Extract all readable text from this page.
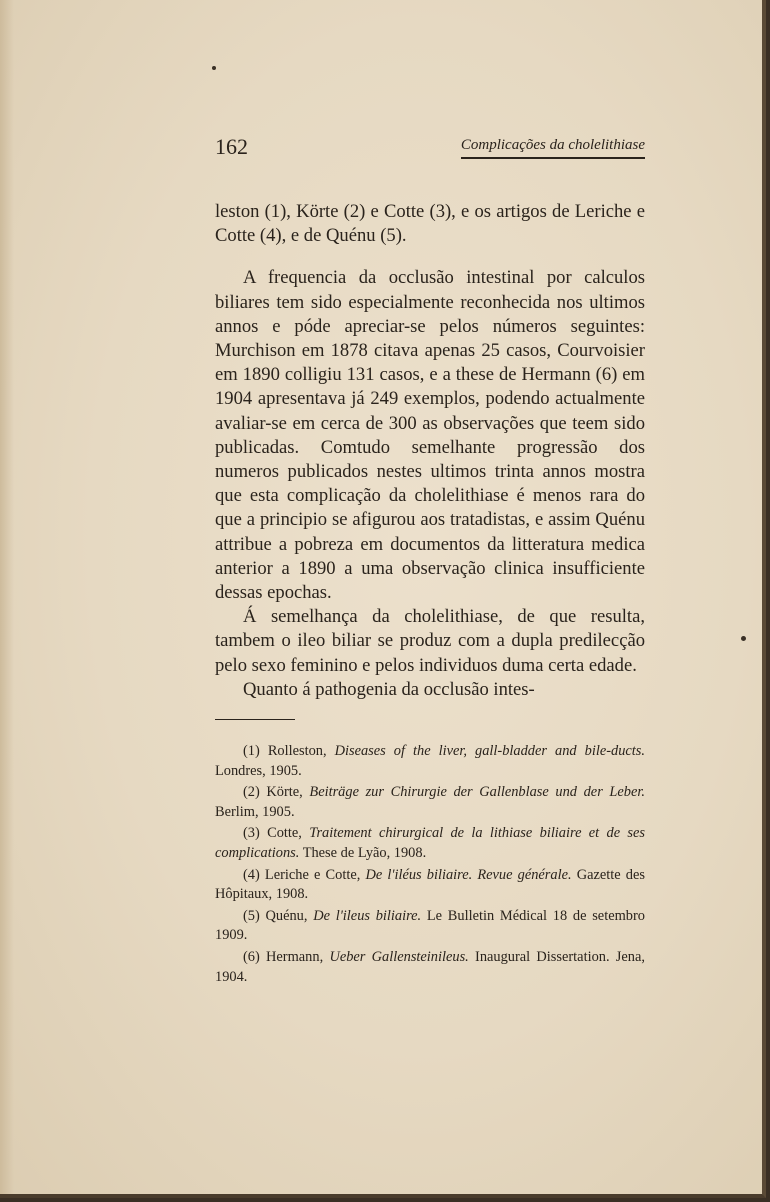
162	Complicações da cholelithiase

leston (1), Körte (2) e Cotte (3), e os artigos de Leriche e Cotte (4), e de Quénu (5).

A frequencia da occlusão intestinal por calculos biliares tem sido especialmente reconhecida nos ultimos annos e póde apreciar-se pelos números seguintes: Murchison em 1878 citava apenas 25 casos, Courvoisier em 1890 colligiu 131 casos, e a these de Hermann (6) em 1904 apresentava já 249 exemplos, podendo actualmente avaliar-se em cerca de 300 as observações que teem sido publicadas. Comtudo semelhante progressão dos numeros publicados nestes ultimos trinta annos mostra que esta complicação da cholelithiase é menos rara do que a principio se afigurou aos tratadistas, e assim Quénu attribue a pobreza em documentos da litteratura medica anterior a 1890 a uma observação clinica insufficiente dessas epochas.

Á semelhança da cholelithiase, de que resulta, tambem o ileo biliar se produz com a dupla predilecção pelo sexo feminino e pelos individuos duma certa edade.

Quanto á pathogenia da occlusão intes-

(1) Rolleston, Diseases of the liver, gall-bladder and bile-ducts. Londres, 1905.

(2) Körte, Beiträge zur Chirurgie der Gallenblase und der Leber. Berlim, 1905.

(3) Cotte, Traitement chirurgical de la lithiase biliaire et de ses complications. These de Lyão, 1908.

(4) Leriche e Cotte, De l'iléus biliaire. Revue générale. Gazette des Hôpitaux, 1908.

(5) Quénu, De l'ileus biliaire. Le Bulletin Médical 18 de setembro 1909.

(6) Hermann, Ueber Gallensteinileus. Inaugural Dissertation. Jena, 1904.
